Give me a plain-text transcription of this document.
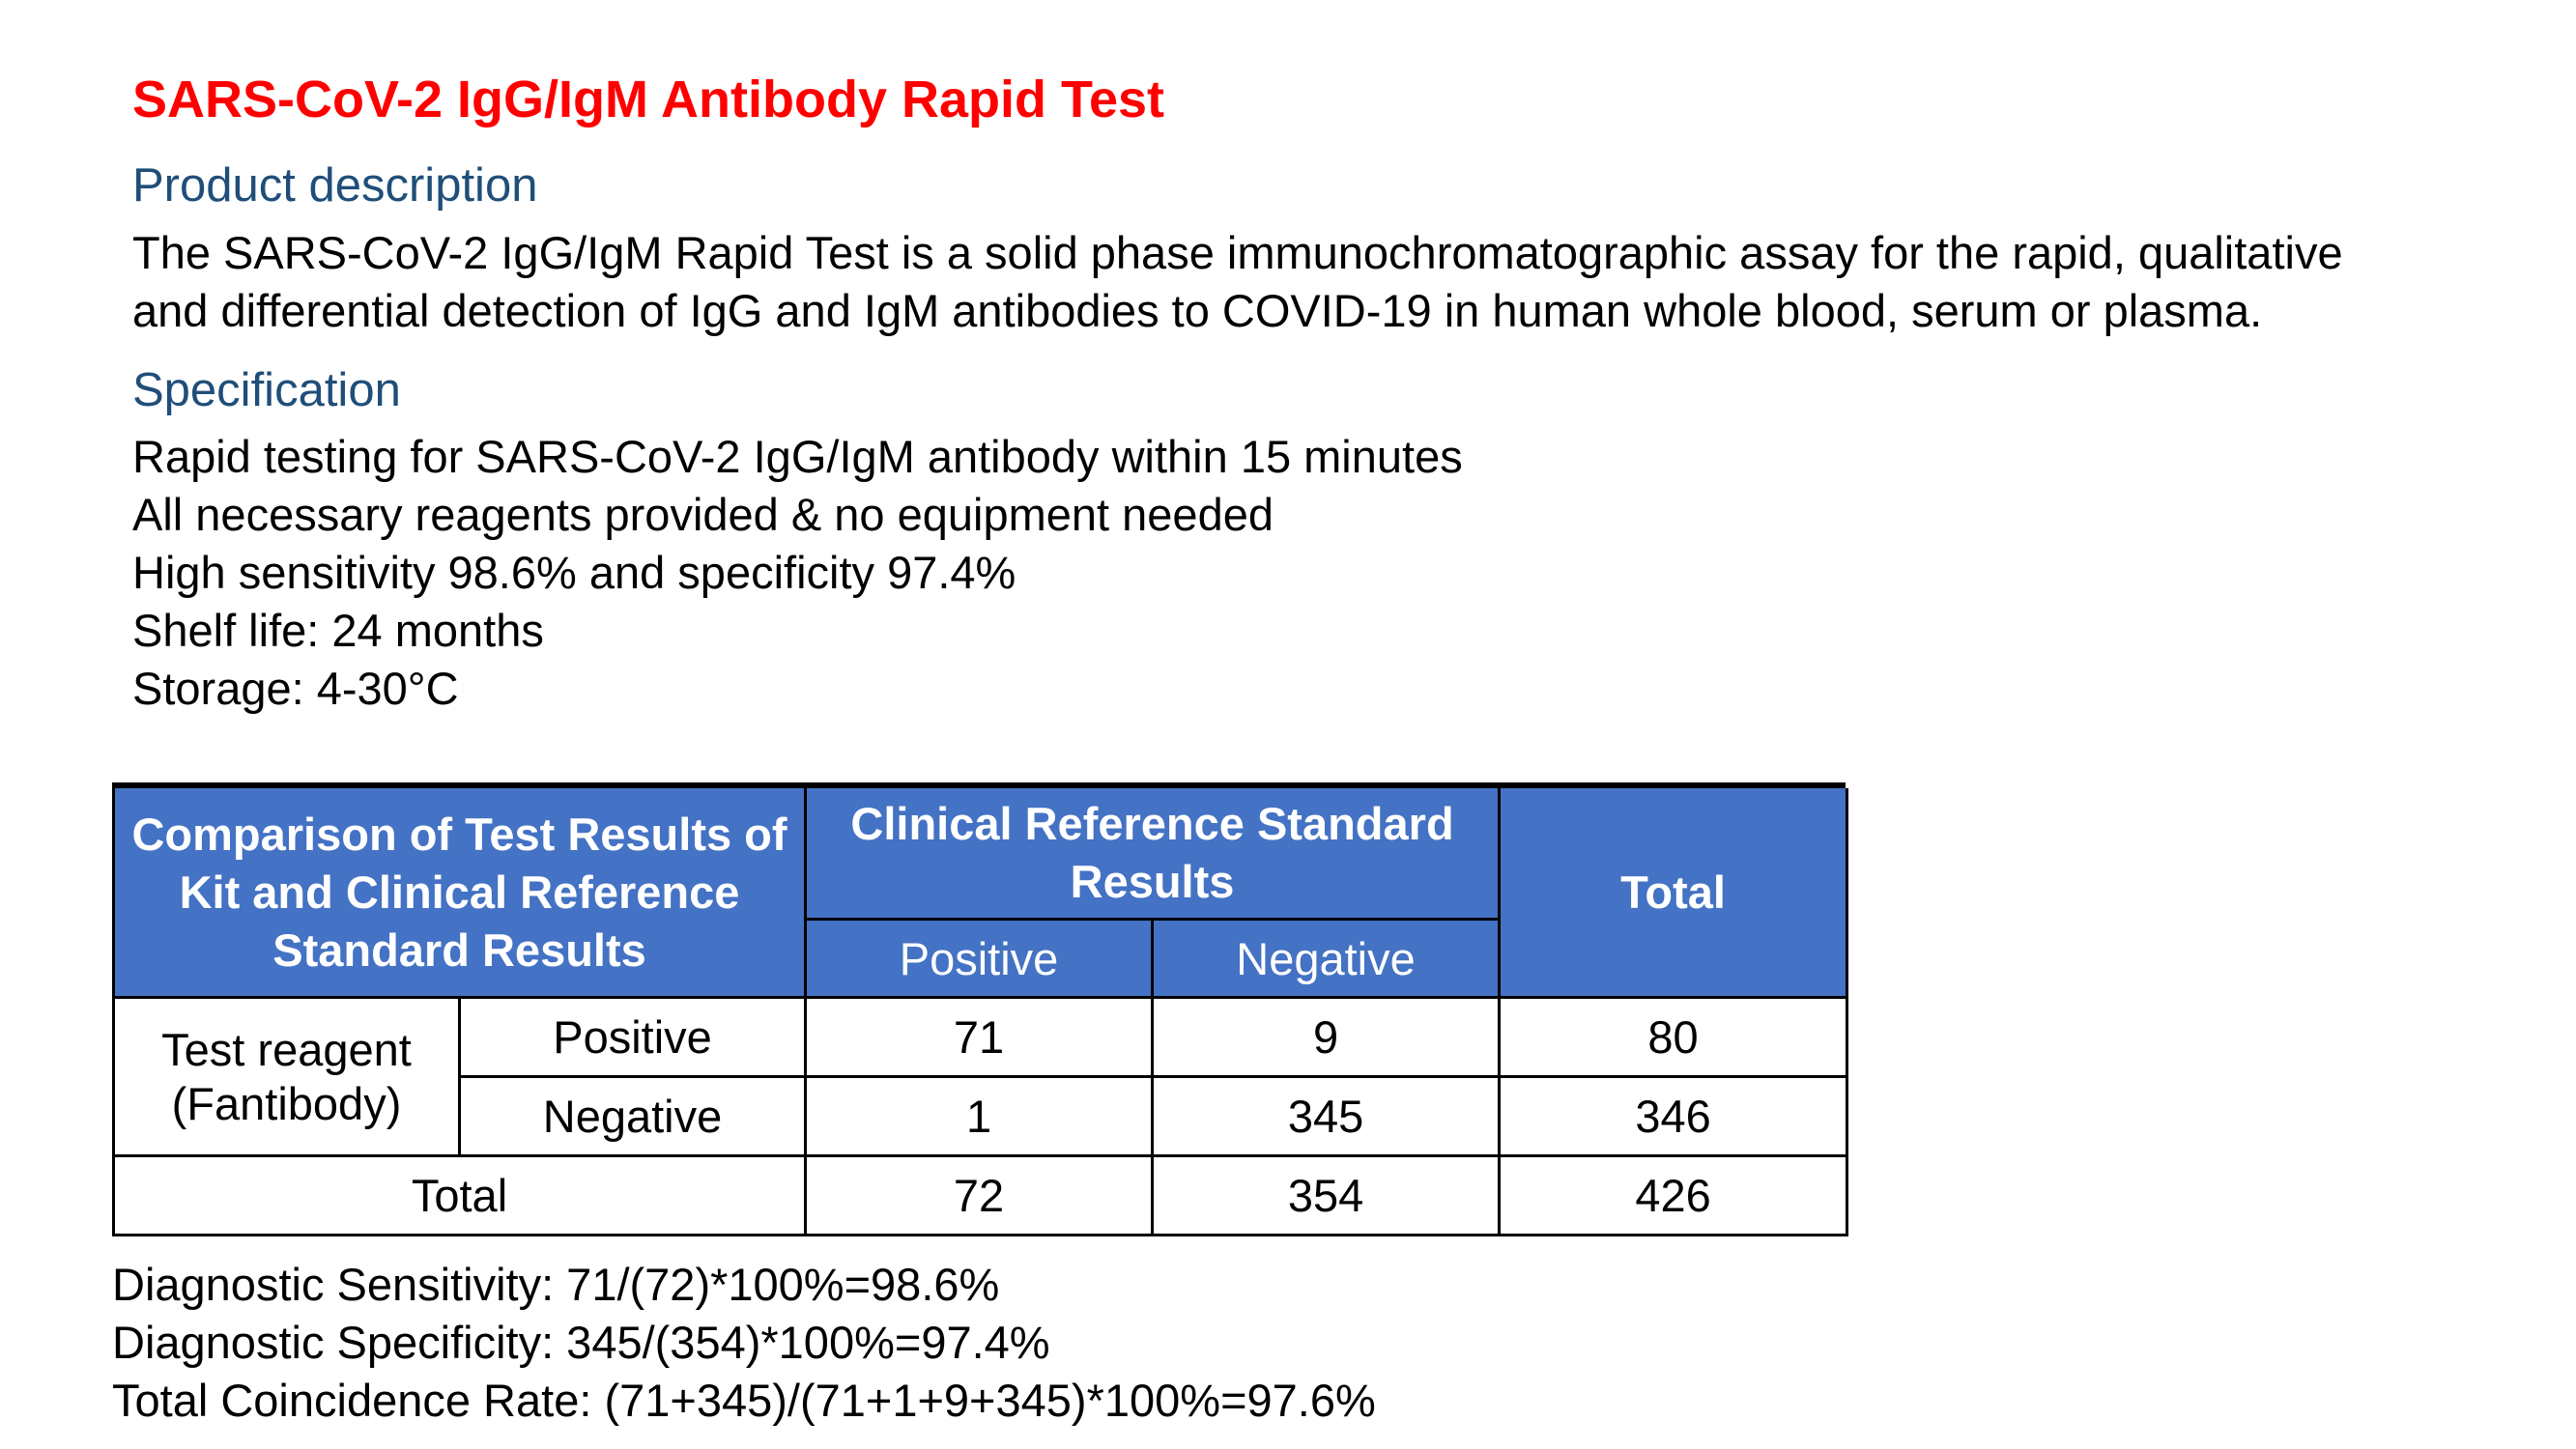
SARS-CoV-2 IgG/IgM Antibody Rapid Test
Product description
The SARS-CoV-2 IgG/IgM Rapid Test is a solid phase immunochromatographic assay for the rapid, qualitative
and differential detection of IgG and IgM antibodies to COVID-19 in human whole blood, serum or plasma.
Specification
Rapid testing for SARS-CoV-2 IgG/IgM antibody within 15 minutes
All necessary reagents provided & no equipment needed
High sensitivity 98.6% and specificity 97.4%
Shelf life: 24 months
Storage: 4-30°C
Comparison of Test Results of Kit and Clinical Reference Standard Results		Clinical Reference Standard Results		Total
		Positive	Negative	
Test reagent (Fantibody)	Positive	71	9	80
	Negative	1	345	346
Total		72	354	426
Diagnostic Sensitivity: 71/(72)*100%=98.6%
Diagnostic Specificity: 345/(354)*100%=97.4%
Total Coincidence Rate: (71+345)/(71+1+9+345)*100%=97.6%
